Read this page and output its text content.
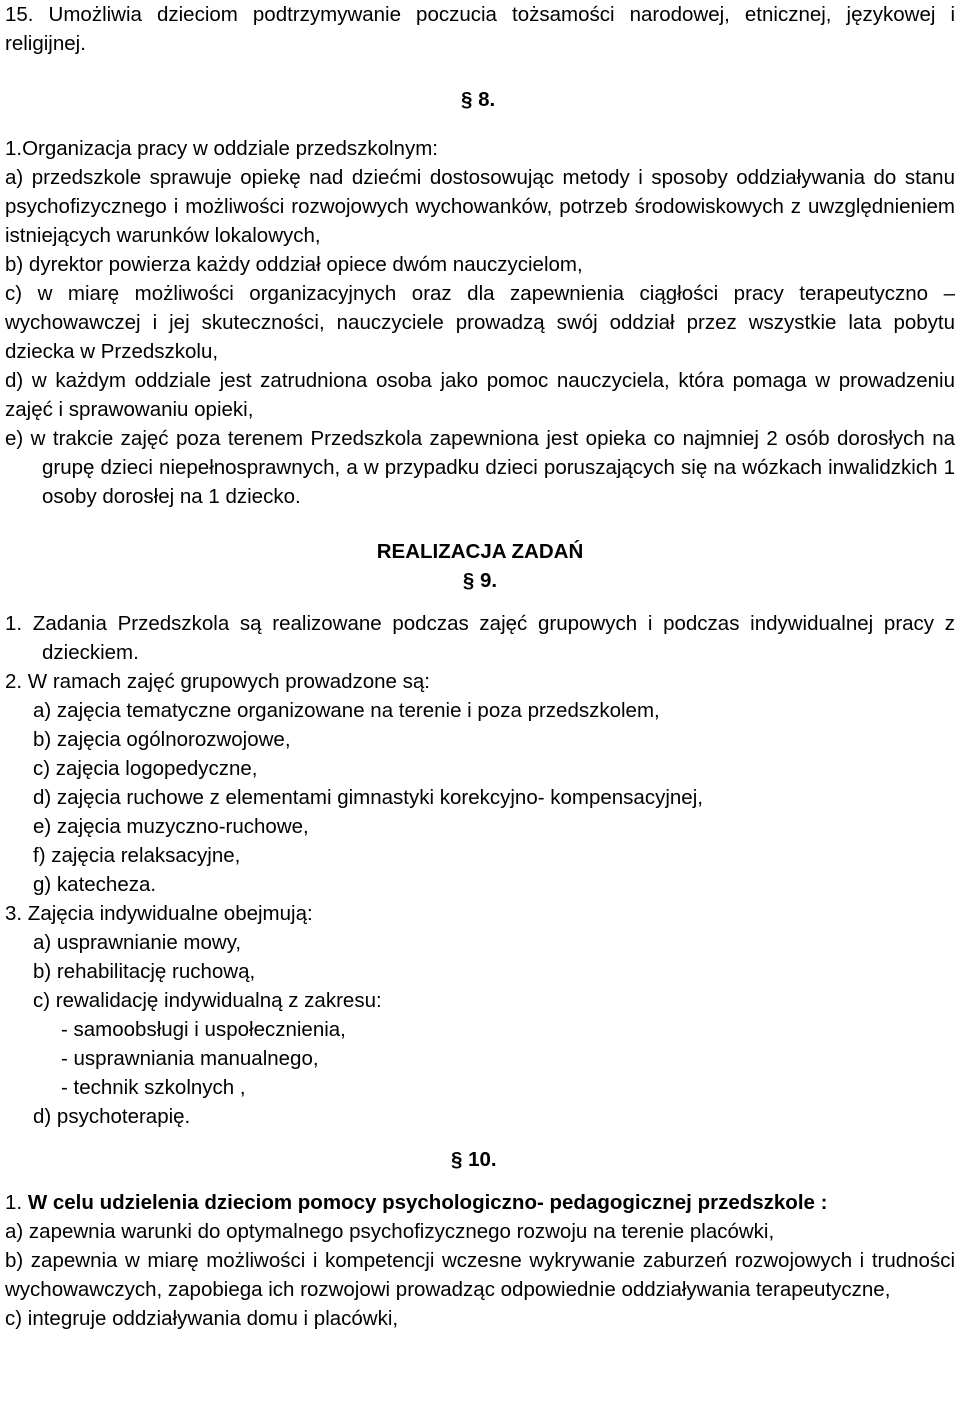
15. Umożliwia dzieciom podtrzymywanie poczucia tożsamości narodowej, etnicznej, językowej i religijnej.

§ 8.

1.Organizacja pracy w oddziale przedszkolnym:

a) przedszkole sprawuje opiekę nad dziećmi dostosowując metody i sposoby oddziaływania do stanu psychofizycznego i możliwości rozwojowych wychowanków, potrzeb środowiskowych z uwzględnieniem istniejących warunków lokalowych,

b) dyrektor powierza każdy oddział opiece dwóm nauczycielom,

c) w miarę możliwości organizacyjnych oraz dla zapewnienia ciągłości pracy terapeutyczno –wychowawczej i jej skuteczności, nauczyciele prowadzą swój oddział przez wszystkie lata pobytu dziecka w Przedszkolu,

d) w każdym oddziale jest zatrudniona osoba jako pomoc nauczyciela, która pomaga w prowadzeniu zajęć i sprawowaniu opieki,

e) w trakcie zajęć poza terenem Przedszkola zapewniona jest opieka co najmniej 2 osób dorosłych na grupę dzieci niepełnosprawnych, a w przypadku dzieci poruszających się na wózkach inwalidzkich 1 osoby dorosłej na 1 dziecko.

REALIZACJA ZADAŃ

§ 9.

1. Zadania Przedszkola są realizowane podczas zajęć grupowych i podczas indywidualnej pracy z dzieckiem.

2. W ramach zajęć grupowych prowadzone są:

a) zajęcia tematyczne organizowane na terenie i poza przedszkolem,

b) zajęcia ogólnorozwojowe,

c) zajęcia logopedyczne,

d) zajęcia ruchowe z elementami gimnastyki korekcyjno- kompensacyjnej,

e) zajęcia muzyczno-ruchowe,

f) zajęcia relaksacyjne,

g) katecheza.

3. Zajęcia indywidualne obejmują:

a) usprawnianie mowy,

b) rehabilitację ruchową,

c) rewalidację indywidualną z zakresu:

- samoobsługi i uspołecznienia,

- usprawniania manualnego,

- technik szkolnych ,

d) psychoterapię.

§ 10.

1. W celu udzielenia dzieciom pomocy psychologiczno- pedagogicznej przedszkole :

a) zapewnia warunki do optymalnego psychofizycznego rozwoju na terenie placówki,

b) zapewnia w miarę możliwości i kompetencji wczesne wykrywanie zaburzeń rozwojowych i trudności wychowawczych, zapobiega ich rozwojowi prowadząc odpowiednie oddziaływania terapeutyczne,

c) integruje oddziaływania domu i placówki,
